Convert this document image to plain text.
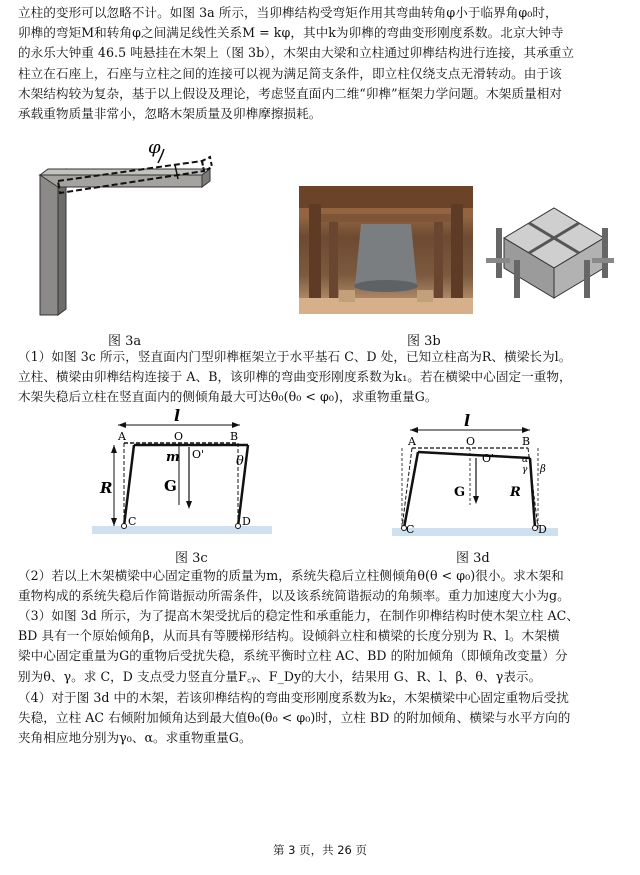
立柱的变形可以忽略不计。如图 3a 所示，当卯榫结构受弯矩作用其弯曲转角φ小于临界角φ₀时，
卯榫的弯矩M和转角φ之间满足线性关系M = kφ，其中k为卯榫的弯曲变形刚度系数。北京大钟寺
的永乐大钟重 46.5 吨悬挂在木架上（图 3b），木架由大梁和立柱通过卯榫结构进行连接，其承重立
柱立在石座上，石座与立柱之间的连接可以视为满足简支条件，即立柱仅绕支点无滑转动。由于该
木架结构较为复杂，基于以上假设及理论，考虑竖直面内二维“卯榫”框架力学问题。木架质量相对
承载重物质量非常小，忽略木架质量及卯榫摩擦损耗。
φ
图 3a	图 3b
（1）如图 3c 所示，竖直面内门型卯榫框架立于水平基石 C、D 处，已知立柱高为R、横梁长为l。
立柱、横梁由卯榫结构连接于 A、B，该卯榫的弯曲变形刚度系数为k₁。若在横梁中心固定一重物，
木架失稳后立柱在竖直面内的侧倾角最大可达θ₀(θ₀ < φ₀)，求重物重量G。
l
A	O	B
m O'
G
θ
R
C	D
图 3c
l
A	O	B
O'
G
α
γ β
R
C	D
图 3d
（2）若以上木架横梁中心固定重物的质量为m，系统失稳后立柱侧倾角θ(θ < φ₀)很小。求木架和
重物构成的系统失稳后作简谐振动所需条件，以及该系统简谐振动的角频率。重力加速度大小为g。
（3）如图 3d 所示，为了提高木架受扰后的稳定性和承重能力，在制作卯榫结构时使木架立柱 AC、
BD 具有一个原始倾角β，从而具有等腰梯形结构。设倾斜立柱和横梁的长度分别为 R、l。木架横
梁中心固定重量为G的重物后受扰失稳，系统平衡时立柱 AC、BD 的附加倾角（即倾角改变量）分
别为θ、γ。求 C，D 支点受力竖直分量F꜀ᵧ、F_Dy的大小，结果用 G、R、l、β、θ、γ表示。
（4）对于图 3d 中的木架，若该卯榫结构的弯曲变形刚度系数为k₂，木架横梁中心固定重物后受扰
失稳，立柱 AC 右倾附加倾角达到最大值θ₀(θ₀ < φ₀)时，立柱 BD 的附加倾角、横梁与水平方向的
夹角相应地分别为γ₀、α。求重物重量G。
第 3 页，共 26 页
